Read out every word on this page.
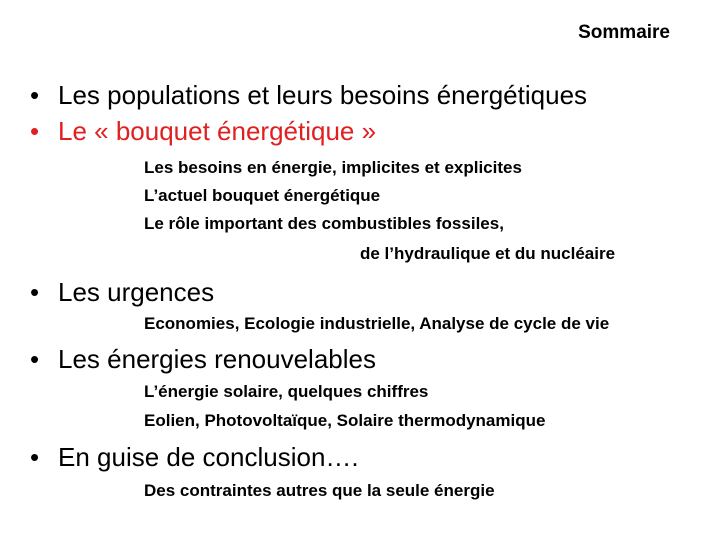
Sommaire
• Les populations et leurs besoins énergétiques
• Le « bouquet énergétique »
Les besoins en énergie, implicites et explicites
L’actuel bouquet énergétique
Le rôle important des combustibles fossiles,
de l’hydraulique et du nucléaire
• Les urgences
Economies, Ecologie industrielle, Analyse de cycle de vie
• Les énergies renouvelables
L’énergie solaire, quelques chiffres
Eolien, Photovoltaïque, Solaire thermodynamique
• En guise de conclusion….
Des contraintes autres que la seule énergie
